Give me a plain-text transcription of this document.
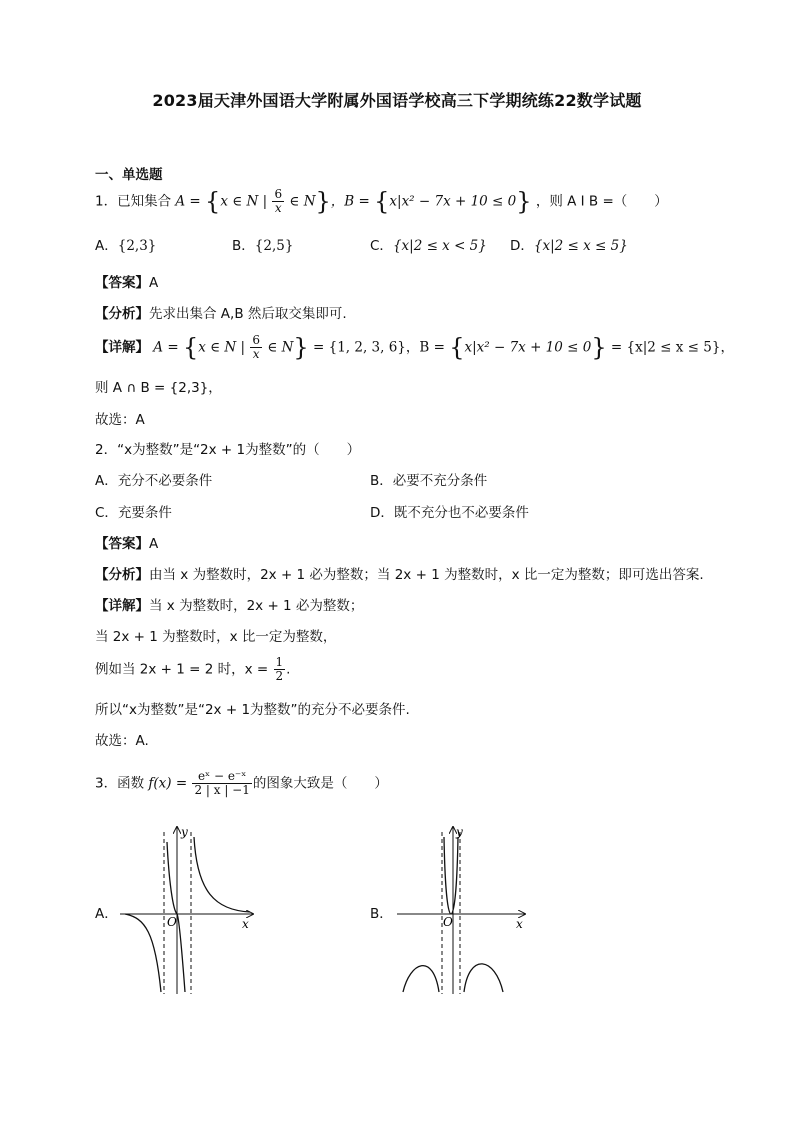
2023届天津外国语大学附属外国语学校高三下学期统练22数学试题
一、单选题
1．已知集合 A = {x ∈ N | $\frac{6}{x}$ ∈ N}，B = {x|x² − 7x + 10 ≤ 0} ，则 A I B =（　　）
A．{2,3}	B．{2,5}	C．{x|2 ≤ x < 5} D．{x|2 ≤ x ≤ 5}
【答案】A
【分析】先求出集合 A,B 然后取交集即可.
【详解】 A = {x ∈ N | $\frac{6}{x}$ ∈ N} = {1, 2, 3, 6}，B = {x|x² − 7x + 10 ≤ 0} = {x|2 ≤ x ≤ 5}，
则 A ∩ B = {2,3}，
故选：A
2．“x为整数”是“2x + 1为整数”的（　　）
A．充分不必要条件	B．必要不充分条件
C．充要条件	D．既不充分也不必要条件
【答案】A
【分析】由当 x 为整数时，2x + 1 必为整数；当 2x + 1 为整数时，x 比一定为整数；即可选出答案.
【详解】当 x 为整数时，2x + 1 必为整数；
当 2x + 1 为整数时，x 比一定为整数，
例如当 2x + 1 = 2 时，$x = \frac{1}{2}$ .
所以“x为整数”是“2x + 1为整数”的充分不必要条件.
故选：A.
3．函数 $f(x) = \frac{\text{eˣ − e⁻ˣ}}{2 | x | -1}$ 的图象大致是（　　）
A．
x
y
O	B．
x
y
O
